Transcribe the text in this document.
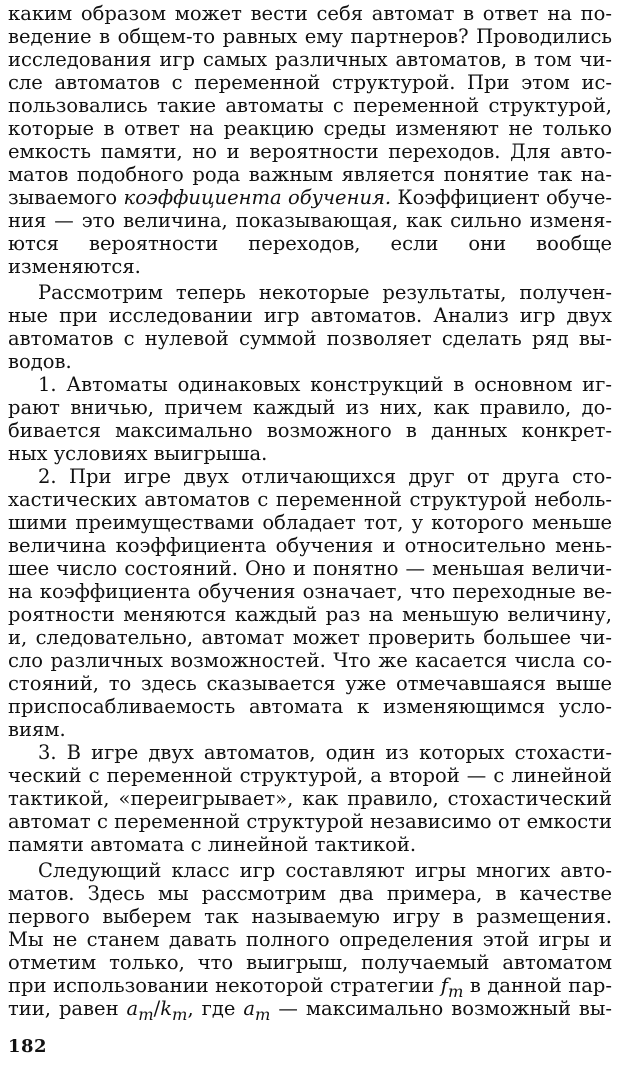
каким образом может вести себя автомат в ответ на по-
ведение в общем-то равных ему партнеров? Проводились
исследования игр самых различных автоматов, в том чи-
сле автоматов с переменной структурой. При этом ис-
пользовались такие автоматы с переменной структурой,
которые в ответ на реакцию среды изменяют не только
емкость памяти, но и вероятности переходов. Для авто-
матов подобного рода важным является понятие так на-
зываемого коэффициента обучения. Коэффициент обуче-
ния — это величина, показывающая, как сильно изменя-
ются вероятности переходов, если они вообще
изменяются.
Рассмотрим теперь некоторые результаты, получен-
ные при исследовании игр автоматов. Анализ игр двух
автоматов с нулевой суммой позволяет сделать ряд вы-
водов.
1. Автоматы одинаковых конструкций в основном иг-
рают вничью, причем каждый из них, как правило, до-
бивается максимально возможного в данных конкрет-
ных условиях выигрыша.
2. При игре двух отличающихся друг от друга сто-
хастических автоматов с переменной структурой неболь-
шими преимуществами обладает тот, у которого меньше
величина коэффициента обучения и относительно мень-
шее число состояний. Оно и понятно — меньшая величи-
на коэффициента обучения означает, что переходные ве-
роятности меняются каждый раз на меньшую величину,
и, следовательно, автомат может проверить большее чи-
сло различных возможностей. Что же касается числа со-
стояний, то здесь сказывается уже отмечавшаяся выше
приспосабливаемость автомата к изменяющимся усло-
виям.
3. В игре двух автоматов, один из которых стохасти-
ческий с переменной структурой, а второй — с линейной
тактикой, «переигрывает», как правило, стохастический
автомат с переменной структурой независимо от емкости
памяти автомата с линейной тактикой.
Следующий класс игр составляют игры многих авто-
матов. Здесь мы рассмотрим два примера, в качестве
первого выберем так называемую игру в размещения.
Мы не станем давать полного определения этой игры и
отметим только, что выигрыш, получаемый автоматом
при использовании некоторой стратегии $f_m$ в данной пар-
тии, равен $a_m/k_m$, где $a_m$ — максимально возможный вы-
182
